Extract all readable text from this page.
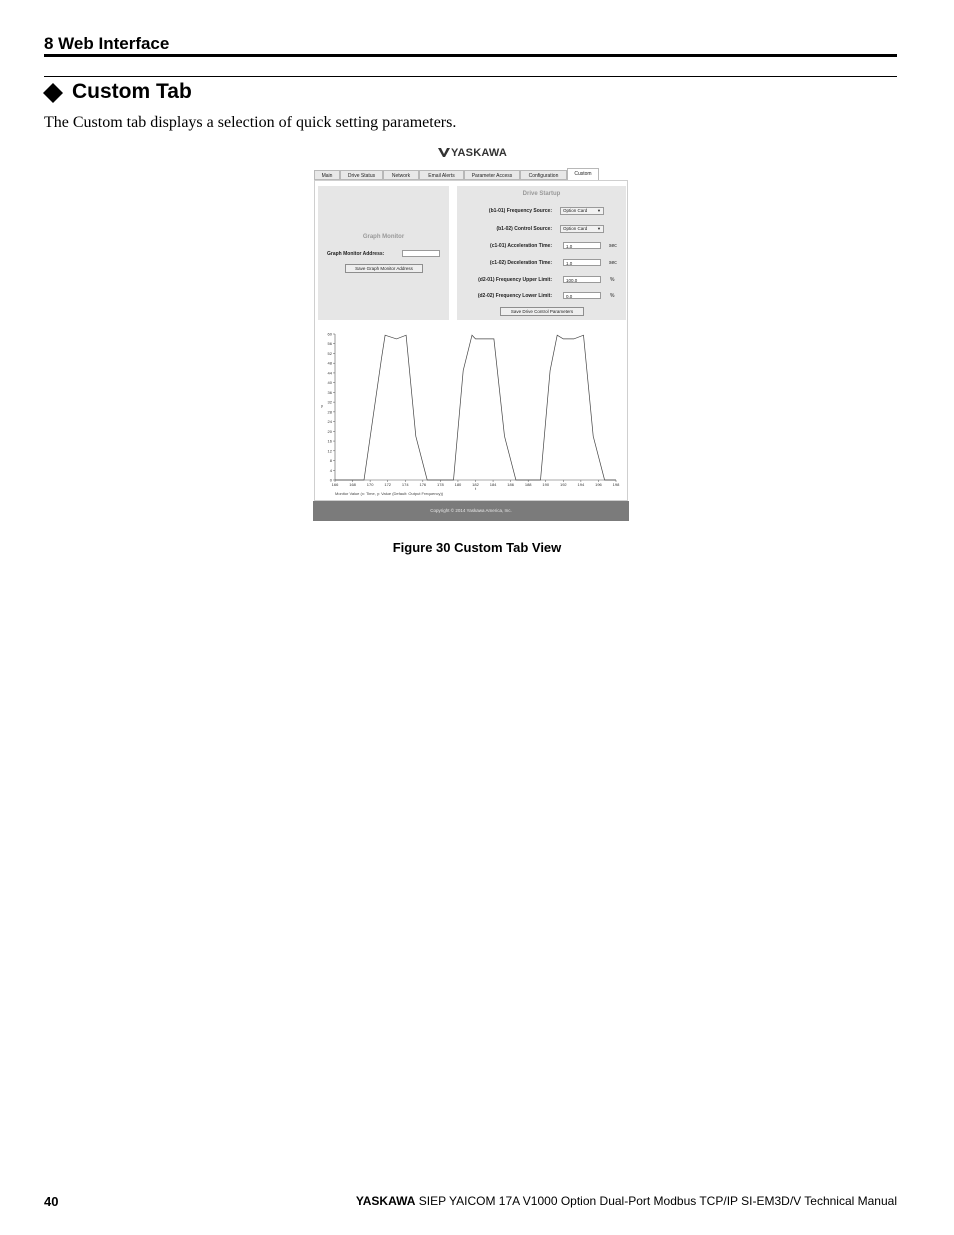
8 Web Interface
Custom Tab
The Custom tab displays a selection of quick setting parameters.
YASKAWA
Main	Drive Status	Network	Email Alerts	Parameter Access	Configuration	Custom
Graph Monitor
Graph Monitor Address:
Save Graph Monitor Address
Drive Startup
(b1-01) Frequency Source:	Option Card ▼
(b1-02) Control Source:	Option Card ▼
(c1-01) Acceleration Time:	1.0	sec
(c1-02) Deceleration Time:	1.0	sec
(d2-01) Frequency Upper Limit:	100.0	%
(d2-02) Frequency Lower Limit:	0.0	%
Save Drive Control Parameters
0
4
8
12
16
20
24
28
32
36
40
44
48
52
56
60
166	168	170	172	174	176	178	180	182	184	186	188	190	192	194	196	198
y
t
Monitor Value (x: Time, y: Value (Default: Output Frequency))
Copyright © 2014 Yaskawa America, Inc.
Figure 30 Custom Tab View
40	YASKAWA SIEP YAICOM 17A V1000 Option Dual-Port Modbus TCP/IP SI-EM3D/V Technical Manual
